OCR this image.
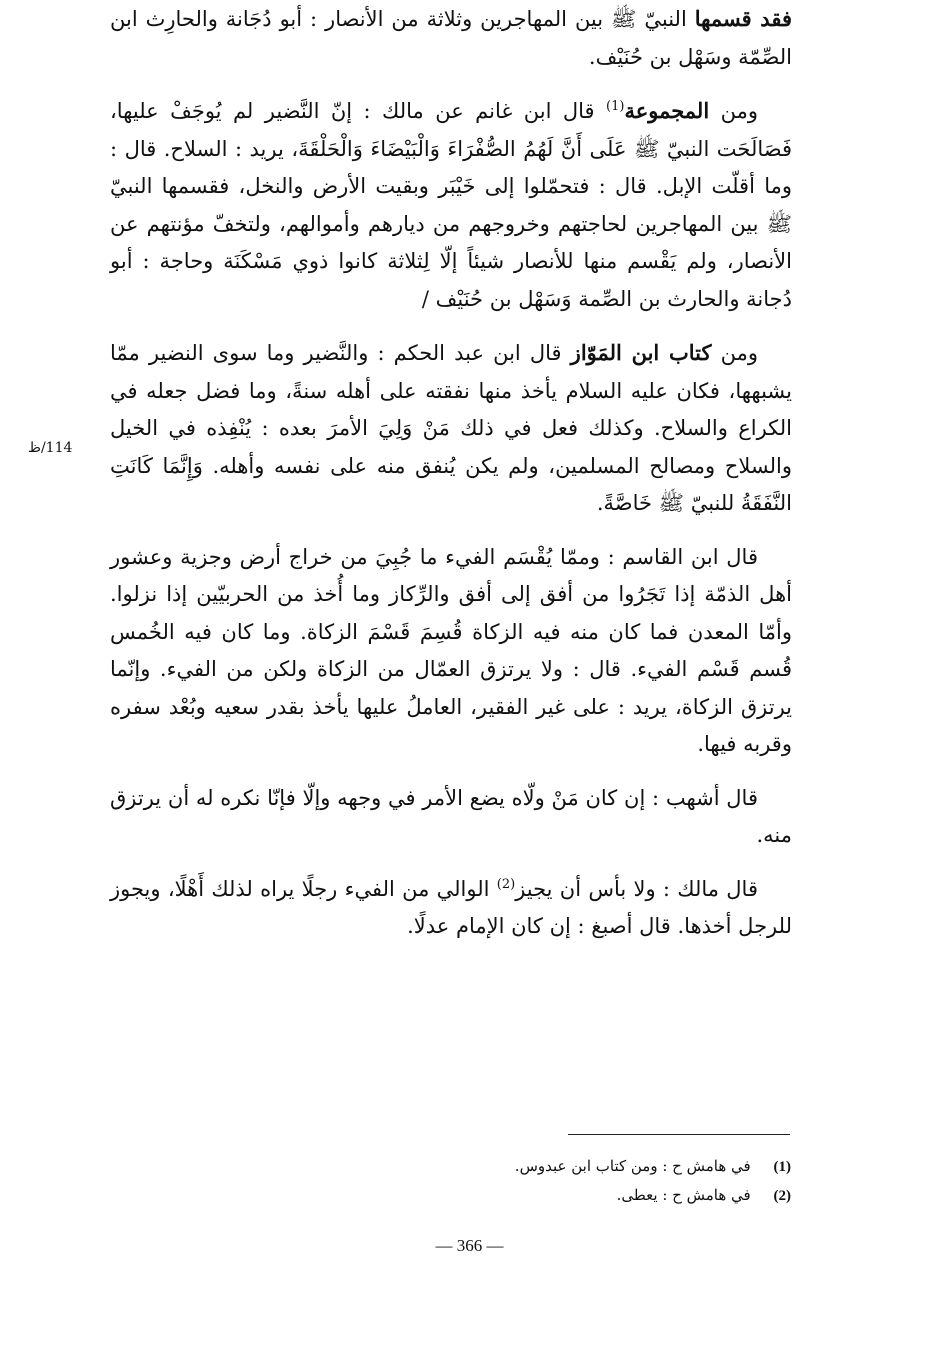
فقد قسمها النبيّ ﷺ بين المهاجرين وثلاثة من الأنصار : أبو دُجَانة والحارِث ابن الصِّمّة وسَهْل بن حُنَيْف.

ومن المجموعة$^{(1)}$ قال ابن غانم عن مالك : إنّ النَّضير لم يُوجَفْ عليها، فَصَالَحَت النبيّ ﷺ عَلَى أَنَّ لَهُمُ الصُّفْرَاءَ وَالْبَيْضَاءَ وَالْحَلْقَةَ، يريد : السلاح. قال : وما أقلّت الإبل. قال : فتحمّلوا إلى خَيْبَر وبقيت الأرض والنخل، فقسمها النبيّ ﷺ بين المهاجرين لحاجتهم وخروجهم من ديارهم وأموالهم، ولتخفّ مؤنتهم عن الأنصار، ولم يَقْسم منها للأنصار شيئاً إلّا لِثلاثة كانوا ذوي مَسْكَنَة وحاجة : أبو دُجانة والحارث بن الصِّمة وَسَهْل بن حُنَيْف /

ومن كتاب ابن المَوّاز قال ابن عبد الحكم : والنَّضير وما سوى النضير ممّا يشبهها، فكان عليه السلام يأخذ منها نفقته على أهله سنةً، وما فضل جعله في الكراع والسلاح. وكذلك فعل في ذلك مَنْ وَلِيَ الأمرَ بعده : يُنْفِذه في الخيل والسلاح ومصالح المسلمين، ولم يكن يُنفق منه على نفسه وأهله. وَإِنَّمَا كَانَتِ النَّفَقَةُ للنبيّ ﷺ خَاصَّةً.

قال ابن القاسم : وممّا يُقْسَم الفيء ما جُبِيَ من خراج أرض وجزية وعشور أهل الذمّة إذا تَجَرُوا من أفق إلى أفق والرِّكاز وما أُخذ من الحربيّين إذا نزلوا. وأمّا المعدن فما كان منه فيه الزكاة قُسِمَ قَسْمَ الزكاة. وما كان فيه الخُمس قُسم قَسْم الفيء. قال : ولا يرتزق العمّال من الزكاة ولكن من الفيء. وإنّما يرتزق الزكاة، يريد : على غير الفقير، العاملُ عليها يأخذ بقدر سعيه وبُعْد سفره وقربه فيها.

قال أشهب : إن كان مَنْ ولّاه يضع الأمر في وجهه وإلّا فإنّا نكره له أن يرتزق منه.

قال مالك : ولا بأس أن يجيز$^{(2)}$ الوالي من الفيء رجلًا يراه لذلك أَهْلًا، ويجوز للرجل أخذها. قال أصبغ : إن كان الإمام عدلًا.

114/ظ
(1) في هامش ح : ومن كتاب ابن عبدوس.
(2) في هامش ح : يعطى.
— 366 —
